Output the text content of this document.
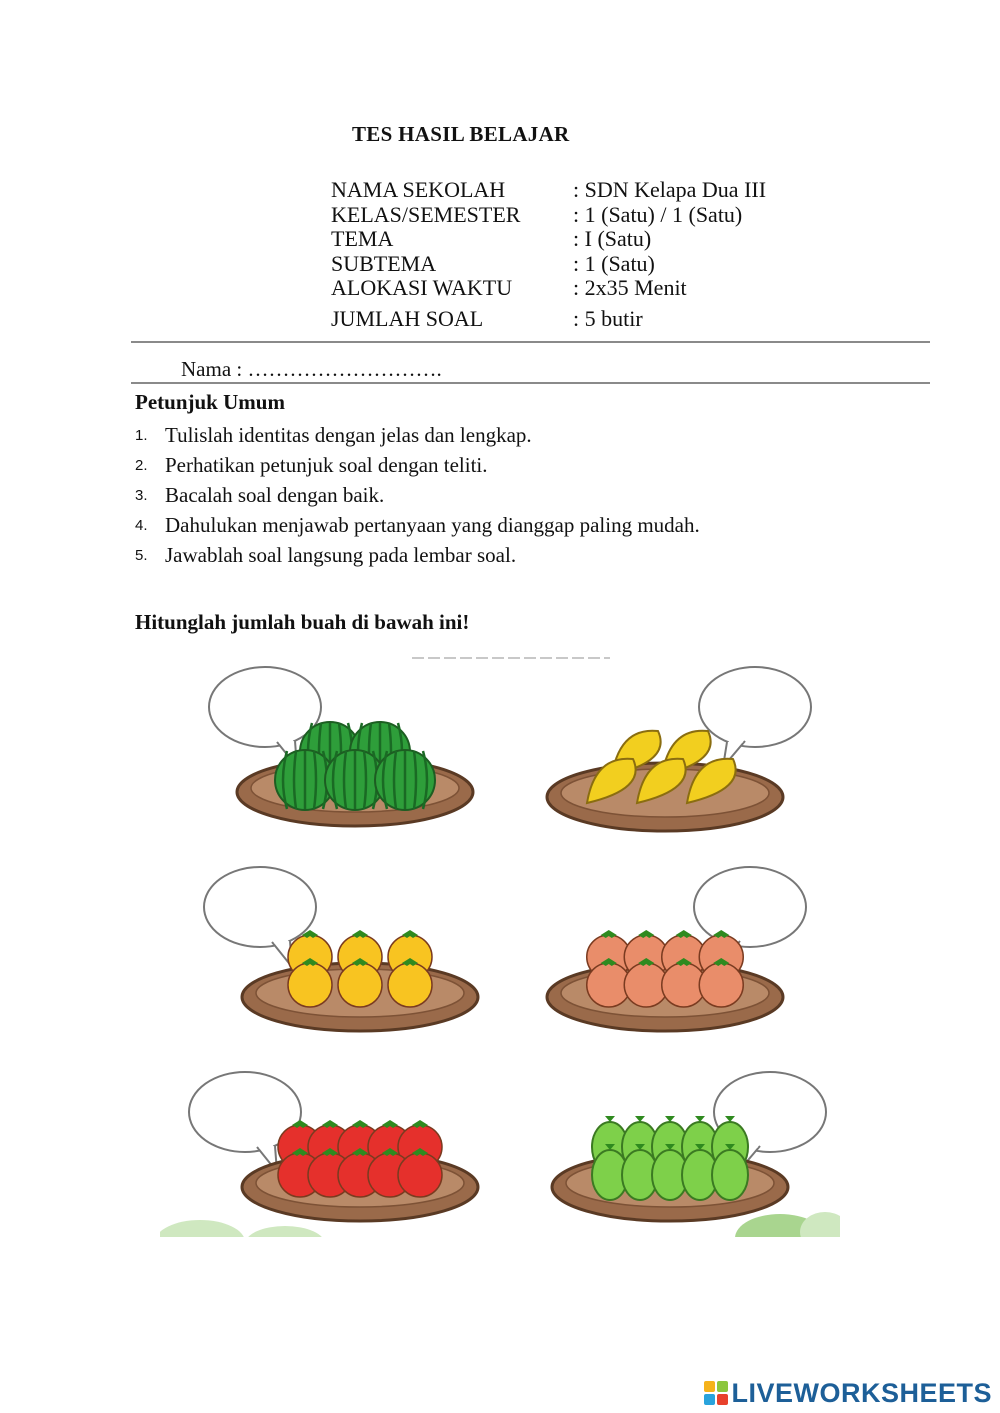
TES HASIL BELAJAR
NAMA SEKOLAH	: SDN Kelapa Dua III
KELAS/SEMESTER	: 1 (Satu) / 1 (Satu)
TEMA	: I (Satu)
SUBTEMA	: 1 (Satu)
ALOKASI WAKTU	: 2x35 Menit
JUMLAH SOAL	: 5 butir
Nama : ……………………….
Petunjuk Umum
1. Tulislah identitas dengan jelas dan lengkap.
2. Perhatikan petunjuk soal dengan teliti.
3. Bacalah soal dengan baik.
4. Dahulukan menjawab pertanyaan yang dianggap paling mudah.
5. Jawablah soal langsung pada lembar soal.
Hitunglah jumlah buah di bawah ini!
LIVEWORKSHEETS
